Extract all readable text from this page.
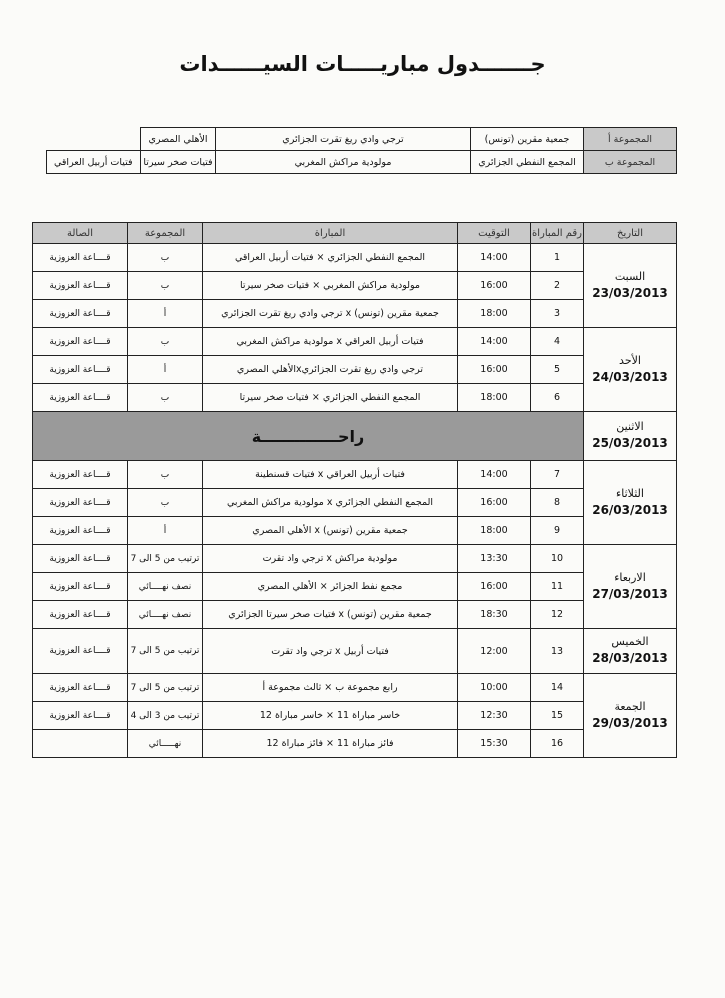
جـــــــدول مباريـــــات السيــــــدات
المجموعة أ	جمعية مقرين (تونس)	ترجي وادي ريغ تقرت الجزائري	الأهلي المصري	
المجموعة ب	المجمع النفطي الجزائري	مولودية مراكش المغربي	فتيات صخر سيرتا	فتيات أربيل العراقي
التاريخ	رقم المباراة	التوقيت	المباراة	المجموعة	الصالة

السبت
23/03/2013	1	14:00	المجمع النفطي الجزائري × فتيات أربيل العراقي	ب	قــــاعة العزوزية
	2	16:00	مولودية مراكش المغربي × فتيات صخر سيرتا	ب	قــــاعة العزوزية
	3	18:00	جمعية مقرين (تونس) x ترجي وادي ريغ تقرت الجزائري	أ	قــــاعة العزوزية

الأحد
24/03/2013	4	14:00	فتيات أربيل العراقي x مولودية مراكش المغربي	ب	قــــاعة العزوزية
	5	16:00	ترجي وادي ريغ تقرت الجزائريxالأهلي المصري	أ	قــــاعة العزوزية
	6	18:00	المجمع النفطي الجزائري × فتيات صخر سيرتا	ب	قــــاعة العزوزية

الاثنين
25/03/2013	راحــــــــــــــة				

الثلاثاء
26/03/2013	7	14:00	فتيات أربيل العراقي x فتيات قسنطينة	ب	قــــاعة العزوزية
	8	16:00	المجمع النفطي الجزائري x مولودية مراكش المغربي	ب	قــــاعة العزوزية
	9	18:00	جمعية مقرين (تونس) x الأهلي المصري	أ	قــــاعة العزوزية

الاربعاء
27/03/2013	10	13:30	مولودية مراكش x ترجي واد تقرت	ترتيب من 5 الى 7	قــــاعة العزوزية
	11	16:00	مجمع نفط الجزائر × الأهلي المصري	نصف نهــــائي	قــــاعة العزوزية
	12	18:30	جمعية مقرين (تونس) x فتيات صخر سيرتا الجزائري	نصف نهــــائي	قــــاعة العزوزية

الخميس
28/03/2013	13	12:00	فتيات أربيل x ترجي واد تقرت	ترتيب من 5 الى 7	قــــاعة العزوزية

الجمعة
29/03/2013	14	10:00	رابع مجموعة ب × ثالث مجموعة أ	ترتيب من 5 الى 7	قــــاعة العزوزية
	15	12:30	خاسر مباراة 11 × خاسر مباراة 12	ترتيب من 3 الى 4	قــــاعة العزوزية
	16	15:30	فائز مباراة 11 × فائز مباراة 12	نهـــــائي	
